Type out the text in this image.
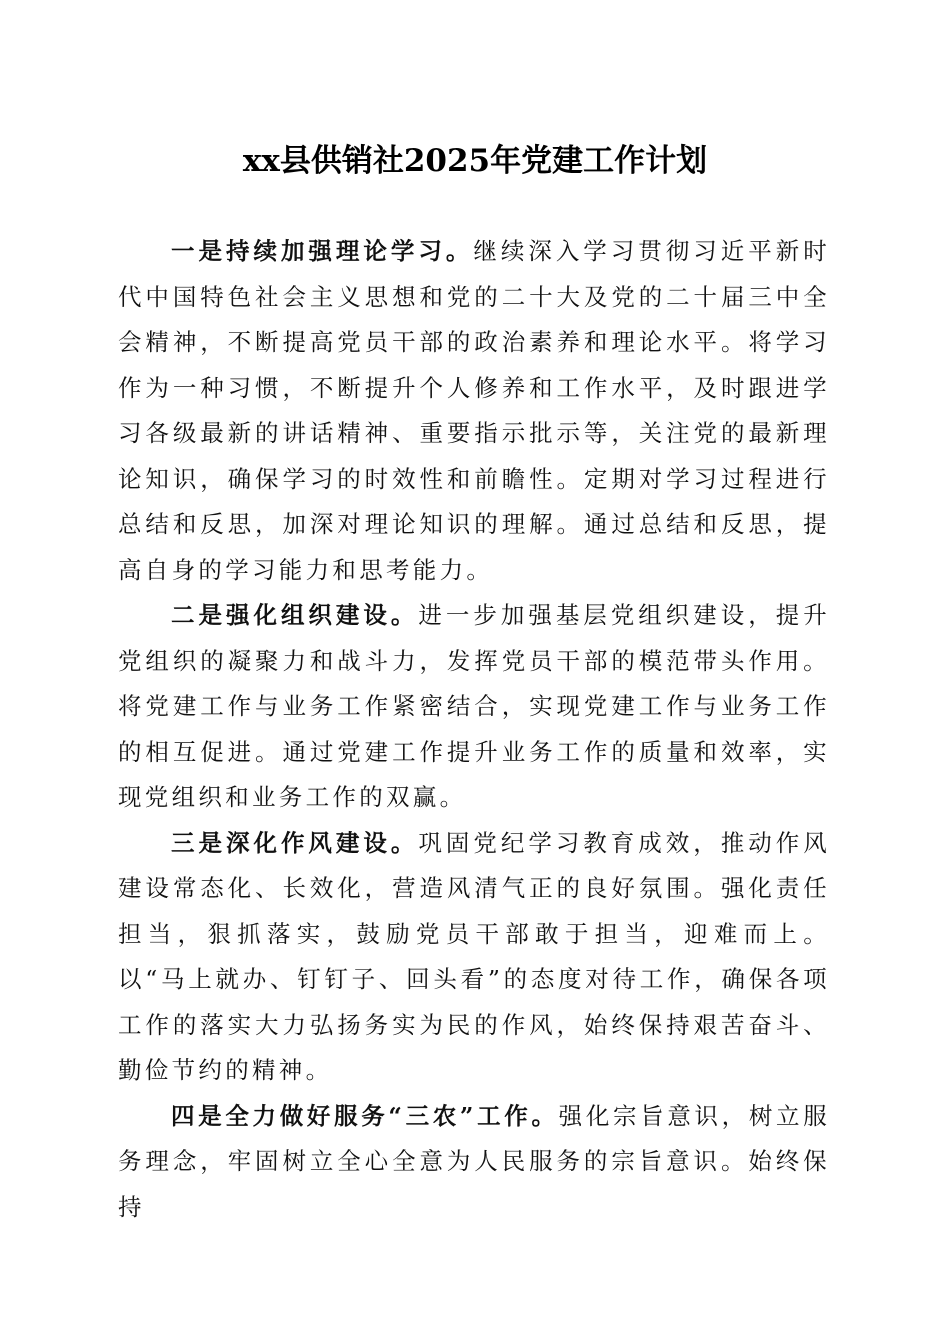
xx县供销社2025年党建工作计划

一是持续加强理论学习。继续深入学习贯彻习近平新时代中国特色社会主义思想和党的二十大及党的二十届三中全会精神，不断提高党员干部的政治素养和理论水平。将学习作为一种习惯，不断提升个人修养和工作水平，及时跟进学习各级最新的讲话精神、重要指示批示等，关注党的最新理论知识，确保学习的时效性和前瞻性。定期对学习过程进行总结和反思，加深对理论知识的理解。通过总结和反思，提高自身的学习能力和思考能力。

二是强化组织建设。进一步加强基层党组织建设，提升党组织的凝聚力和战斗力，发挥党员干部的模范带头作用。将党建工作与业务工作紧密结合，实现党建工作与业务工作的相互促进。通过党建工作提升业务工作的质量和效率，实现党组织和业务工作的双赢。

三是深化作风建设。巩固党纪学习教育成效，推动作风建设常态化、长效化，营造风清气正的良好氛围。强化责任担当，狠抓落实，鼓励党员干部敢于担当，迎难而上。以“马上就办、钉钉子、回头看”的态度对待工作，确保各项工作的落实大力弘扬务实为民的作风，始终保持艰苦奋斗、勤俭节约的精神。

四是全力做好服务“三农”工作。强化宗旨意识，树立服务理念，牢固树立全心全意为人民服务的宗旨意识。始终保持
